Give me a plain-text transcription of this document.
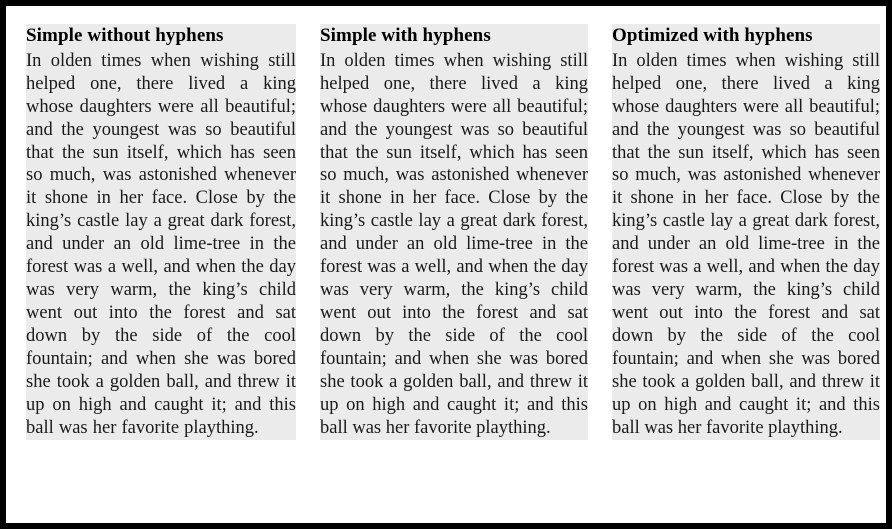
Simple without hyphens
In olden times when wishing still helped one, there lived a king whose daughters were all beautiful; and the youngest was so beautiful that the sun itself, which has seen so much, was astonished whenever it shone in her face. Close by the king’s castle lay a great dark forest, and under an old lime-tree in the forest was a well, and when the day was very warm, the king’s child went out into the forest and sat down by the side of the cool fountain; and when she was bored she took a golden ball, and threw it up on high and caught it; and this ball was her favorite plaything.
Simple with hyphens
In olden times when wishing still helped one, there lived a king whose daughters were all beautiful; and the youngest was so beautiful that the sun itself, which has seen so much, was astonished whenever it shone in her face. Close by the king’s castle lay a great dark forest, and under an old lime-tree in the forest was a well, and when the day was very warm, the king’s child went out into the forest and sat down by the side of the cool fountain; and when she was bored she took a golden ball, and threw it up on high and caught it; and this ball was her favorite plaything.
Optimized with hyphens
In olden times when wishing still helped one, there lived a king whose daughters were all beautiful; and the youngest was so beautiful that the sun itself, which has seen so much, was astonished whenever it shone in her face. Close by the king’s castle lay a great dark forest, and under an old lime-tree in the forest was a well, and when the day was very warm, the king’s child went out into the forest and sat down by the side of the cool fountain; and when she was bored she took a golden ball, and threw it up on high and caught it; and this ball was her favorite plaything.
